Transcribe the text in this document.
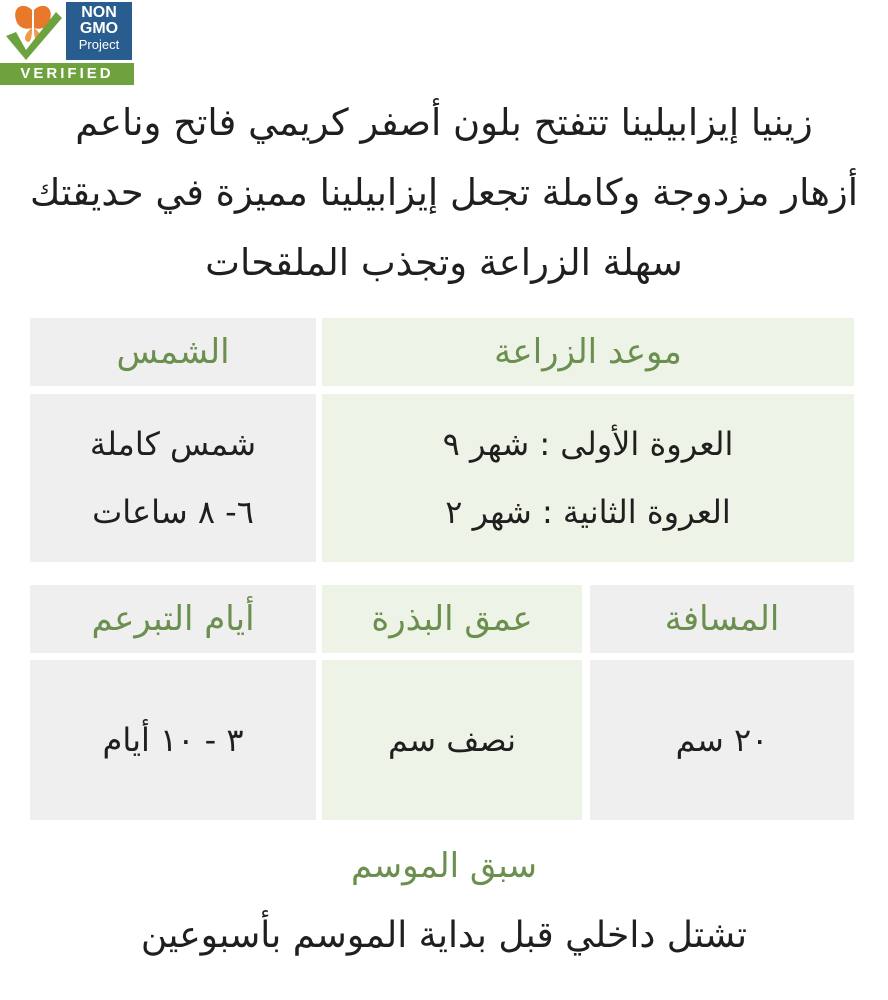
NON
GMO
Project
VERIFIED
زينيا إيزابيلينا تتفتح بلون أصفر كريمي فاتح وناعم
أزهار مزدوجة وكاملة تجعل إيزابيلينا مميزة في حديقتك
سهلة الزراعة وتجذب الملقحات
موعد الزراعة
الشمس
العروة الأولى : شهر ٩
العروة الثانية : شهر ٢
شمس كاملة
٦- ٨ ساعات
المسافة
عمق البذرة
أيام التبرعم
٢٠ سم
نصف سم
٣ - ١٠ أيام
سبق الموسم
تشتل داخلي قبل بداية الموسم بأسبوعين
